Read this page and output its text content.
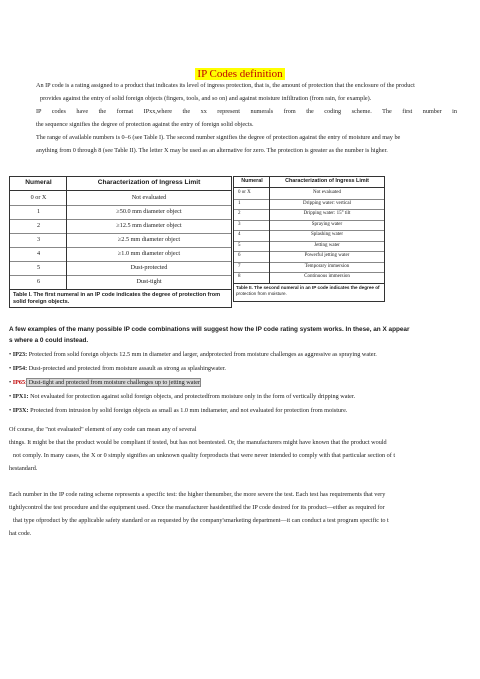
IP Codes definition
An IP code is a rating assigned to a product that indicates its level of ingress protection, that is, the amount of protection that the enclosure of the product
provides against the entry of solid foreign objects (fingers, tools, and so on) and against moisture infiltration (from rain, for example).
IP codes have the format IPxx,where the xx represent numerals from the coding scheme. The first number in
the sequence signifies the degree of protection against the entry of foreign solid objects.
The range of available numbers is 0–6 (see Table I). The second number signifies the degree of protection against the entry of moisture and may be
anything from 0 through 8 (see Table II). The letter X may be used as an alternative for zero. The protection is greater as the number is higher.
Numeral	Characterization of Ingress Limit
0 or X	Not evaluated
1	≥50.0 mm diameter object
2	≥12.5 mm diameter object
3	≥2.5 mm diameter object
4	≥1.0 mm diameter object
5	Dust-protected
6	Dust-tight
Table I. The first numeral in an IP code indicates the degree of protection from solid foreign objects.
Numeral	Characterization of Ingress Limit
0 or X	Not evaluated
1	Dripping water: vertical
2	Dripping water: 15° tilt
3	Spraying water
4	Splashing water
5	Jetting water
6	Powerful jetting water
7	Temporary immersion
8	Continuous immersion
Table II. The second numeral in an IP code indicates the degree of protection from moisture.
A few examples of the many possible IP code combinations will suggest how the IP code rating system works. In these, an X appear
s where a 0 could instead.
• IP23: Protected from solid foreign objects 12.5 mm in diameter and larger, andprotected from moisture challenges as aggressive as spraying water.
• IP54: Dust-protected and protected from moisture assault as strong as splashingwater.
• IP65: Dust-tight and protected from moisture challenges up to jetting water
• IPX1: Not evaluated for protection against solid foreign objects, and protectedfrom moisture only in the form of vertically dripping water.
• IP3X: Protected from intrusion by solid foreign objects as small as 1.0 mm indiameter, and not evaluated for protection from moisture.
Of course, the "not evaluated" element of any code can mean any of several
things. It might be that the product would be compliant if tested, but has not beentested. Or, the manufacturers might have known that the product would
not comply. In many cases, the X or 0 simply signifies an unknown quality forproducts that were never intended to comply with that particular section of t
hestandard.
Each number in the IP code rating scheme represents a specific test: the higher thenumber, the more severe the test. Each test has requirements that very
tightlycontrol the test procedure and the equipment used. Once the manufacturer hasidentified the IP code desired for its product—either as required for
that type ofproduct by the applicable safety standard or as requested by the company'smarketing department—it can conduct a test program specific to t
hat code.
